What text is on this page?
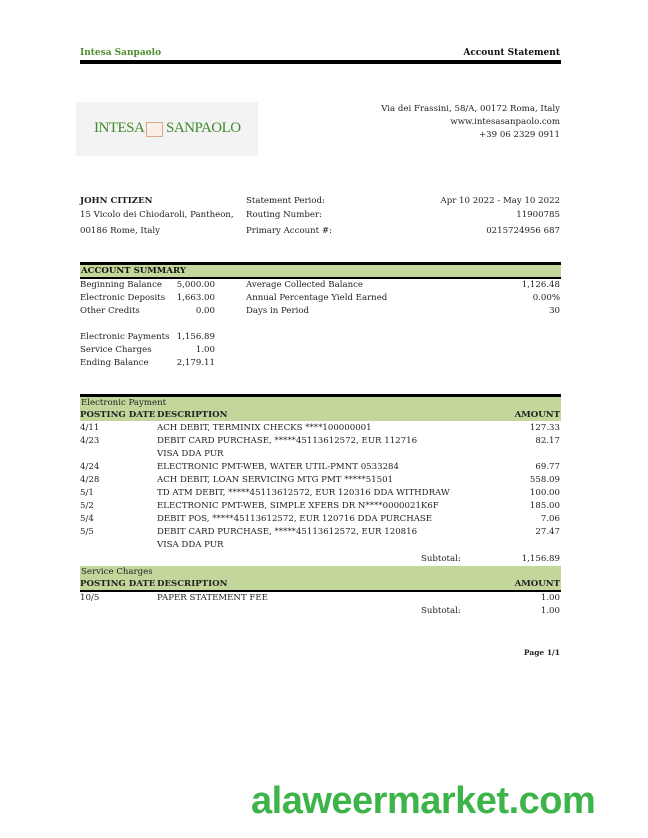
Intesa Sanpaolo	Account Statement
INTESA SANPAOLO
Via dei Frassini, 58/A, 00172 Roma, Italy
www.intesasanpaolo.com
+39 06 2329 0911
JOHN CITIZEN
15 Vicolo dei Chiodaroli, Pantheon,
00186 Rome, Italy
Statement Period:	Apr 10 2022 - May 10 2022
Routing Number:	11900785
Primary Account #:	0215724956 687
ACCOUNT SUMMARY
Beginning Balance	5,000.00
Electronic Deposits	1,663.00
Other Credits	0.00
Electronic Payments 1,156.89
Service Charges	1.00
Ending Balance	2,179.11
Average Collected Balance	1,126.48
Annual Percentage Yield Earned	0.00%
Days in Period	30
Electronic Payment
POSTING DATE DESCRIPTION	AMOUNT
4/11	ACH DEBIT, TERMINIX CHECKS ****100000001	127.33
4/23	DEBIT CARD PURCHASE, *****45113612572, EUR 112716	82.17
VISA DDA PUR
4/24	ELECTRONIC PMT-WEB, WATER UTIL-PMNT 0533284	69.77
4/28	ACH DEBIT, LOAN SERVICING MTG PMT *****51501	558.09
5/1	TD ATM DEBIT, *****45113612572, EUR 120316 DDA WITHDRAW	100.00
5/2	ELECTRONIC PMT-WEB, SIMPLE XFERS DR N****0000021K6F	185.00
5/4	DEBIT POS, *****45113612572, EUR 120716 DDA PURCHASE	7.06
5/5	DEBIT CARD PURCHASE, *****45113612572, EUR 120816	27.47
VISA DDA PUR
Subtotal:	1,156.89
Service Charges
POSTING DATE DESCRIPTION	AMOUNT
10/5	PAPER STATEMENT FEE	1.00
Subtotal:	1.00
Page 1/1
alaweermarket.com
